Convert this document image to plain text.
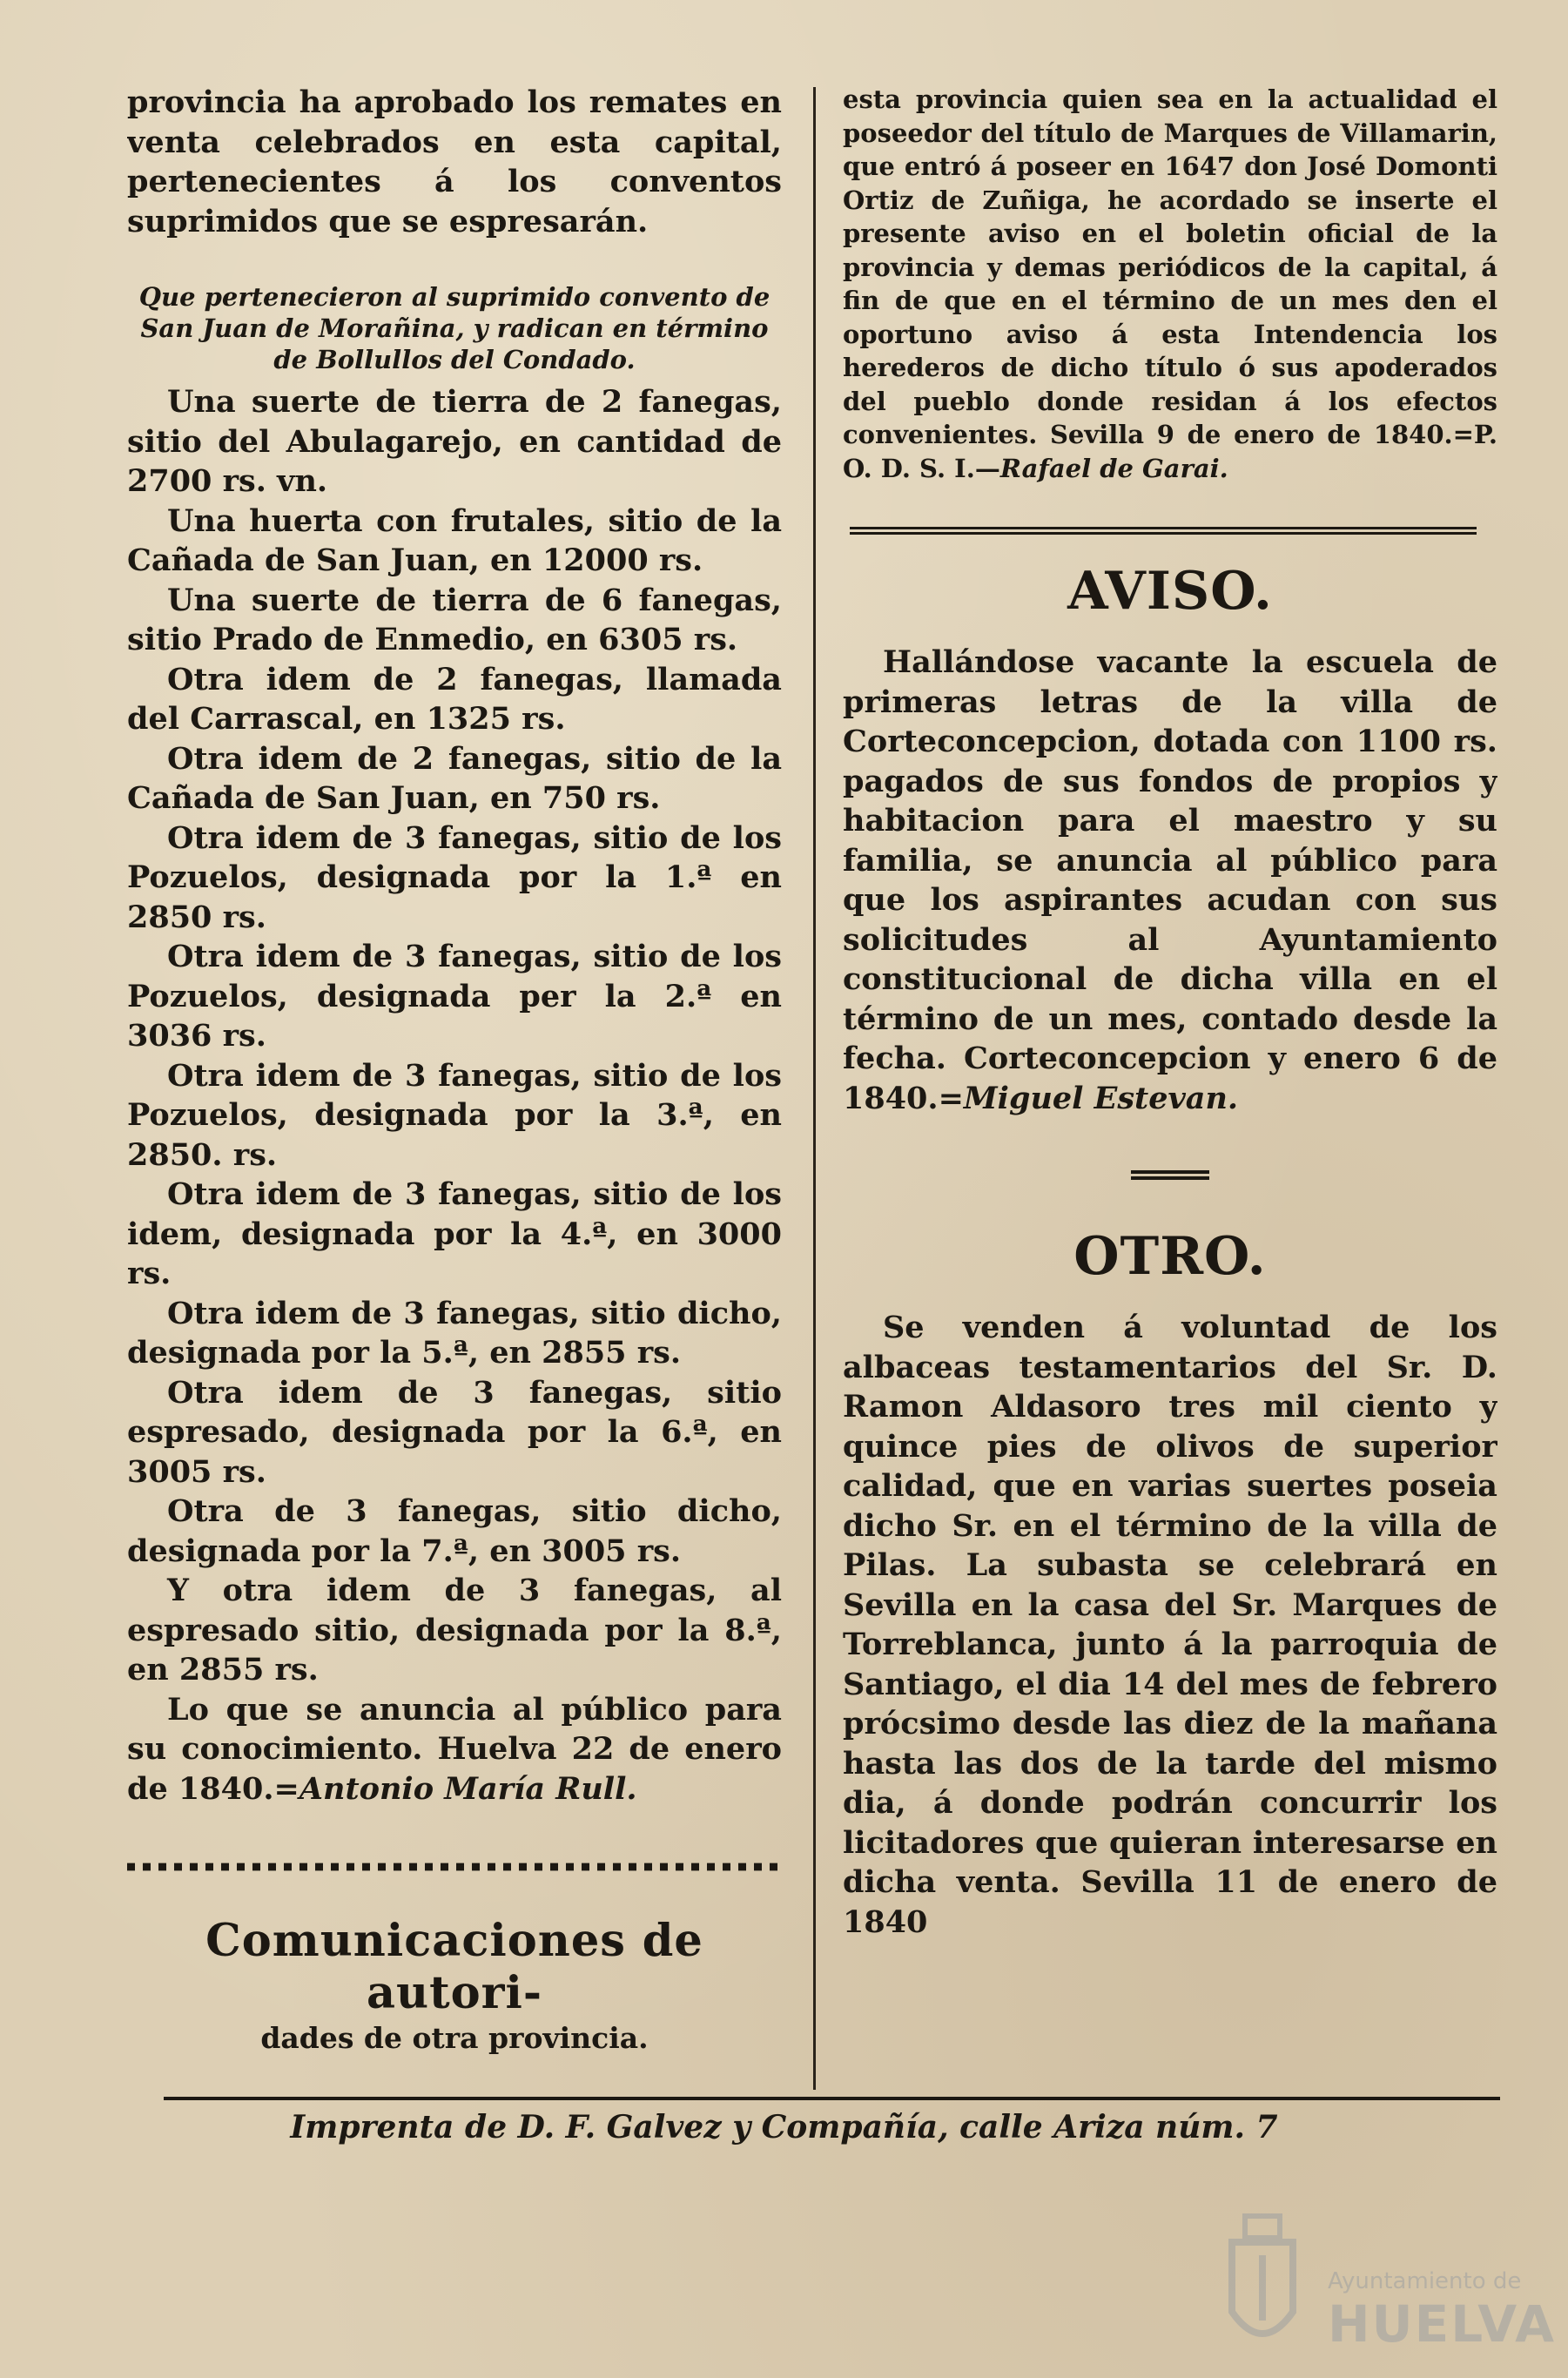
provincia ha aprobado los remates en venta celebrados en esta capital, pertenecientes á los conventos suprimidos que se espresarán.

Que pertenecieron al suprimido convento de San Juan de Morañina, y radican en término de Bollullos del Condado.

Una suerte de tierra de 2 fanegas, sitio del Abulagarejo, en cantidad de 2700 rs. vn.

Una huerta con frutales, sitio de la Cañada de San Juan, en 12000 rs.

Una suerte de tierra de 6 fanegas, sitio Prado de Enmedio, en 6305 rs.

Otra idem de 2 fanegas, llamada del Carrascal, en 1325 rs.

Otra idem de 2 fanegas, sitio de la Cañada de San Juan, en 750 rs.

Otra idem de 3 fanegas, sitio de los Pozuelos, designada por la 1.ª en 2850 rs.

Otra idem de 3 fanegas, sitio de los Pozuelos, designada per la 2.ª en 3036 rs.

Otra idem de 3 fanegas, sitio de los Pozuelos, designada por la 3.ª, en 2850. rs.

Otra idem de 3 fanegas, sitio de los idem, designada por la 4.ª, en 3000 rs.

Otra idem de 3 fanegas, sitio dicho, designada por la 5.ª, en 2855 rs.

Otra idem de 3 fanegas, sitio espresado, designada por la 6.ª, en 3005 rs.

Otra de 3 fanegas, sitio dicho, designada por la 7.ª, en 3005 rs.

Y otra idem de 3 fanegas, al espresado sitio, designada por la 8.ª, en 2855 rs.

Lo que se anuncia al público para su conocimiento. Huelva 22 de enero de 1840.=Antonio María Rull.

Comunicaciones de autori-

dades de otra provincia.

esta provincia quien sea en la actualidad el poseedor del título de Marques de Villamarin, que entró á poseer en 1647 don José Domonti Ortiz de Zuñiga, he acordado se inserte el presente aviso en el boletin oficial de la provincia y demas periódicos de la capital, á fin de que en el término de un mes den el oportuno aviso á esta Intendencia los herederos de dicho título ó sus apoderados del pueblo donde residan á los efectos convenientes. Sevilla 9 de enero de 1840.=P. O. D. S. I.—Rafael de Garai.

AVISO.

Hallándose vacante la escuela de primeras letras de la villa de Corteconcepcion, dotada con 1100 rs. pagados de sus fondos de propios y habitacion para el maestro y su familia, se anuncia al público para que los aspirantes acudan con sus solicitudes al Ayuntamiento constitucional de dicha villa en el término de un mes, contado desde la fecha. Corteconcepcion y enero 6 de 1840.=Miguel Estevan.

OTRO.

Se venden á voluntad de los albaceas testamentarios del Sr. D. Ramon Aldasoro tres mil ciento y quince pies de olivos de superior calidad, que en varias suertes poseia dicho Sr. en el término de la villa de Pilas. La subasta se celebrará en Sevilla en la casa del Sr. Marques de Torreblanca, junto á la parroquia de Santiago, el dia 14 del mes de febrero prócsimo desde las diez de la mañana hasta las dos de la tarde del mismo dia, á donde podrán concurrir los licitadores que quieran interesarse en dicha venta. Sevilla 11 de enero de 1840

Imprenta de D. F. Galvez y Compañía, calle Ariza núm. 7
Ayuntamiento de
HUELVA
